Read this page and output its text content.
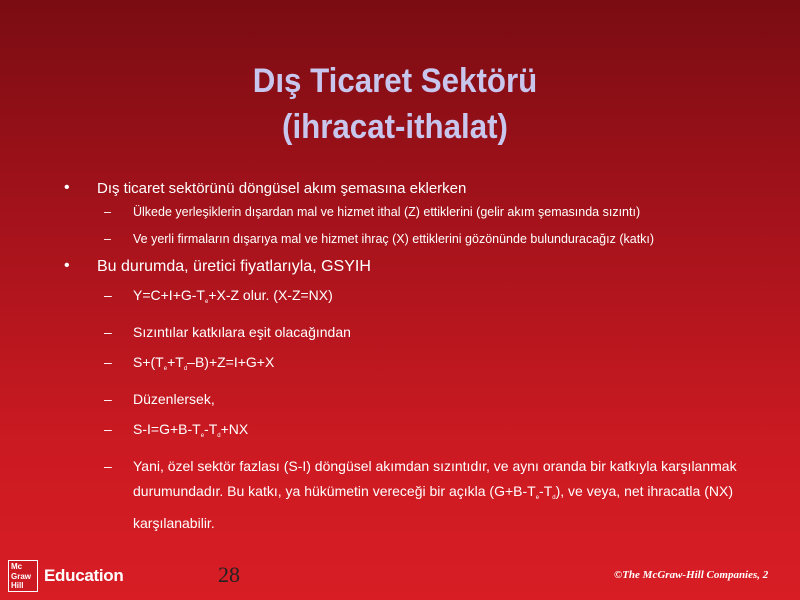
Dış Ticaret Sektörü
(ihracat-ithalat)
• Dış ticaret sektörünü döngüsel akım şemasına eklerken
– Ülkede yerleşiklerin dışardan mal ve hizmet ithal (Z) ettiklerini (gelir akım şemasında sızıntı)
– Ve yerli firmaların dışarıya mal ve hizmet ihraç (X) ettiklerini gözönünde bulunduracağız (katkı)
• Bu durumda, üretici fiyatlarıyla, GSYIH
– $Y=C+I+G-T_e+X-Z$ olur. (X-Z=NX)
– Sızıntılar katkılara eşit olacağından
– $S+(T_e+T_d-B)+Z=I+G+X$
– Düzenlersek,
– $S-I=G+B-T_e-T_d+NX$
– Yani, özel sektör fazlası (S-I) döngüsel akımdan sızıntıdır, ve aynı oranda bir katkıyla karşılanmak durumundadır. Bu katkı, ya hükümetin vereceği bir açıkla $(G+B-T_e-T_d)$, ve veya, net ihracatla (NX) karşılanabilir.
Mc
Graw
Hill
Education	28	©The McGraw-Hill Companies, 2
